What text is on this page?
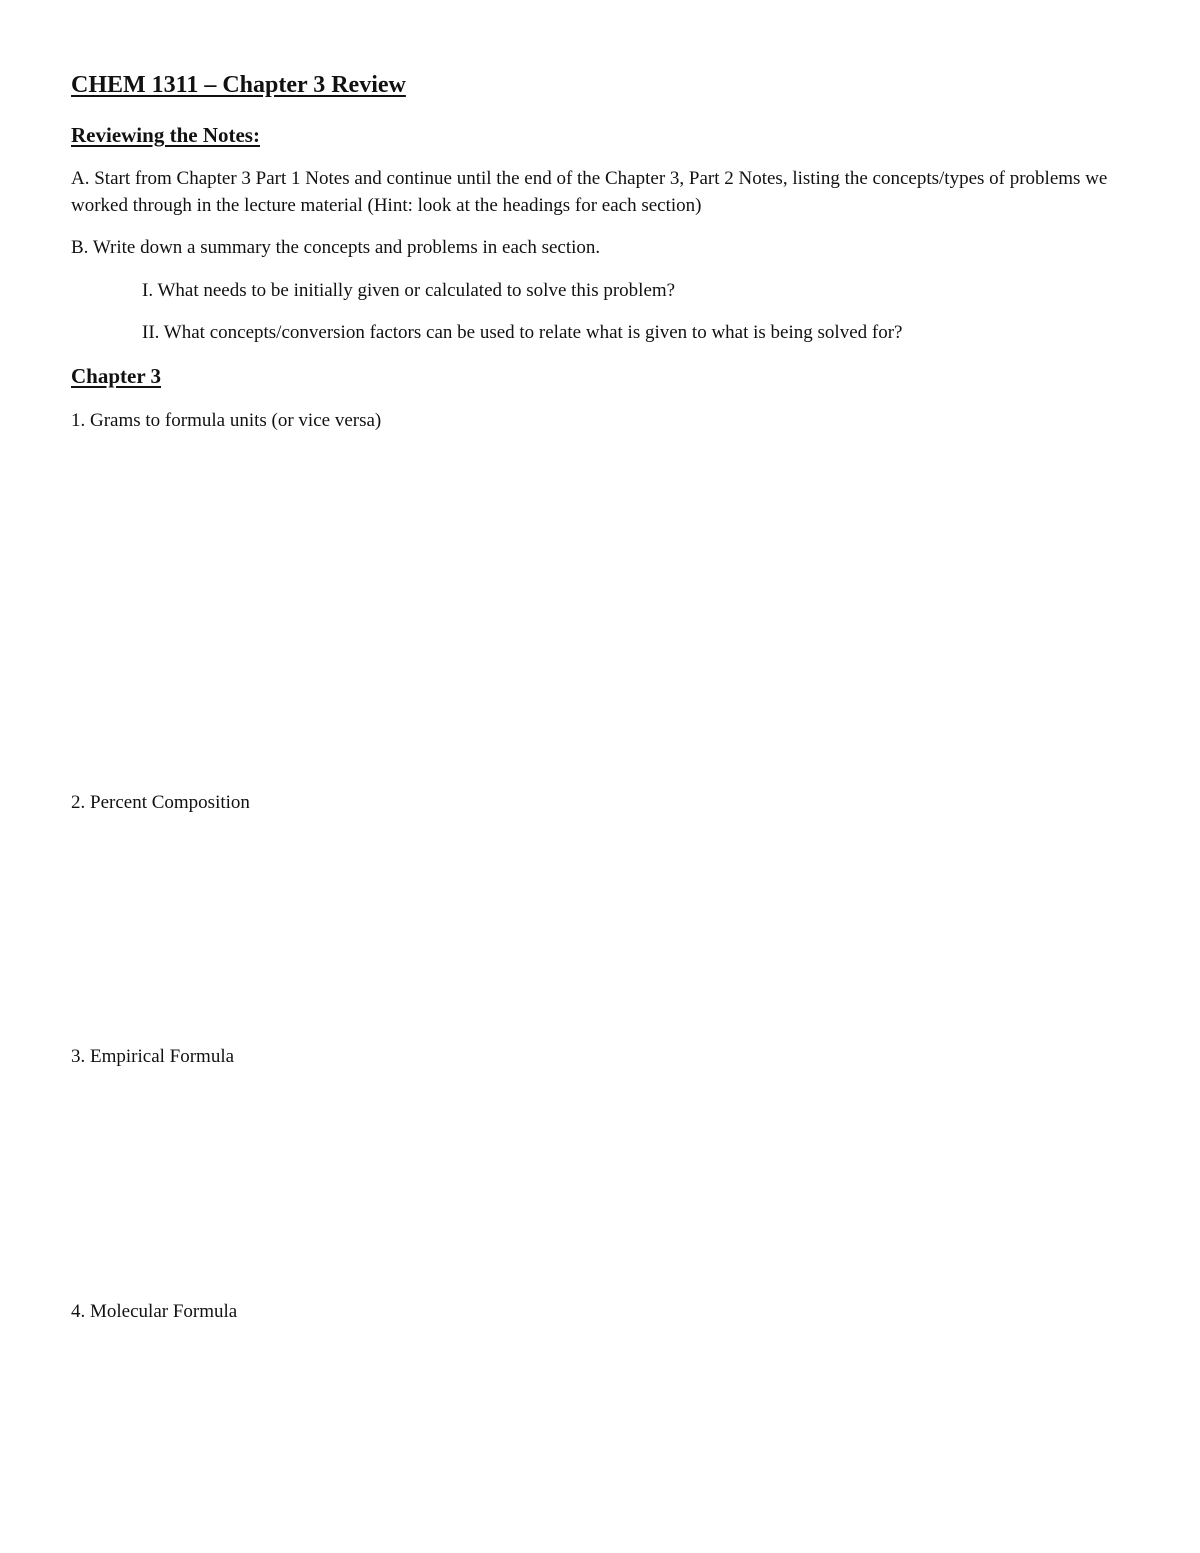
CHEM 1311 – Chapter 3 Review
Reviewing the Notes:

A. Start from Chapter 3 Part 1 Notes and continue until the end of the Chapter 3, Part 2 Notes, listing the concepts/types of problems we worked through in the lecture material (Hint: look at the headings for each section)

B. Write down a summary the concepts and problems in each section.

I. What needs to be initially given or calculated to solve this problem?

II. What concepts/conversion factors can be used to relate what is given to what is being solved for?

Chapter 3

1. Grams to formula units (or vice versa)

2. Percent Composition

3. Empirical Formula

4. Molecular Formula
